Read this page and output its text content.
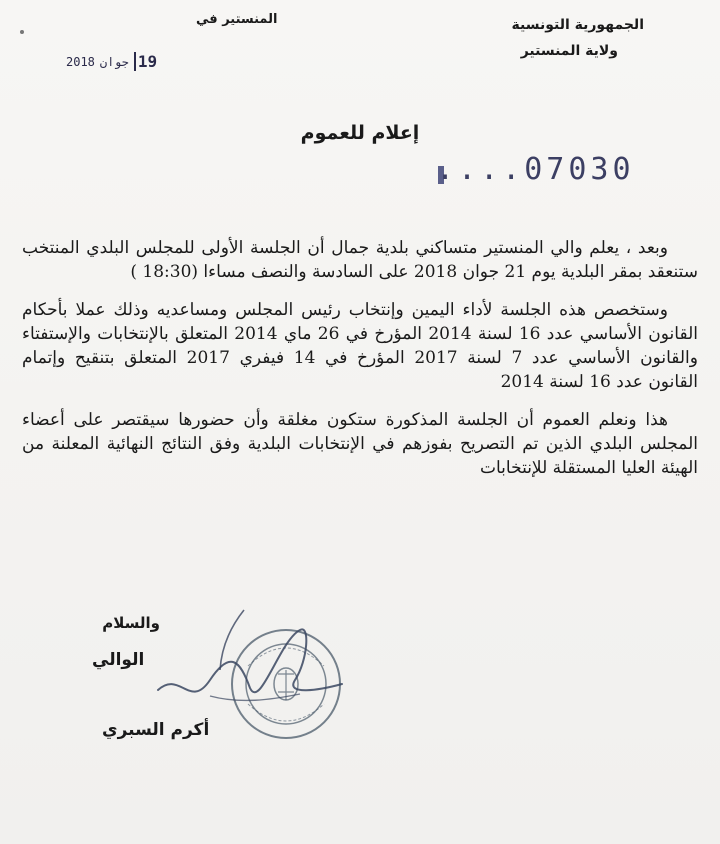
الجمهورية التونسية
ولاية المنستير
المنستير في
2018 جوان 19
إعلام للعموم
....07030

وبعد ، يعلم والي المنستير متساكني بلدية جمال أن الجلسة الأولى للمجلس البلدي المنتخب ستنعقد بمقر البلدية يوم 21 جوان 2018 على السادسة والنصف مساءا (18:30 )

وستخصص هذه الجلسة لأداء اليمين وإنتخاب رئيس المجلس ومساعديه وذلك عملا بأحكام القانون الأساسي عدد 16 لسنة 2014 المؤرخ في 26 ماي 2014 المتعلق بالإنتخابات والإستفتاء والقانون الأساسي عدد 7 لسنة 2017 المؤرخ في 14 فيفري 2017 المتعلق بتنقيح وإتمام القانون عدد 16 لسنة 2014

هذا ونعلم العموم أن الجلسة المذكورة ستكون مغلقة وأن حضورها سيقتصر على أعضاء المجلس البلدي الذين تم التصريح بفوزهم في الإنتخابات البلدية وفق النتائج النهائية المعلنة من الهيئة العليا المستقلة للإنتخابات

والسلام
الوالي
أكرم السبري
